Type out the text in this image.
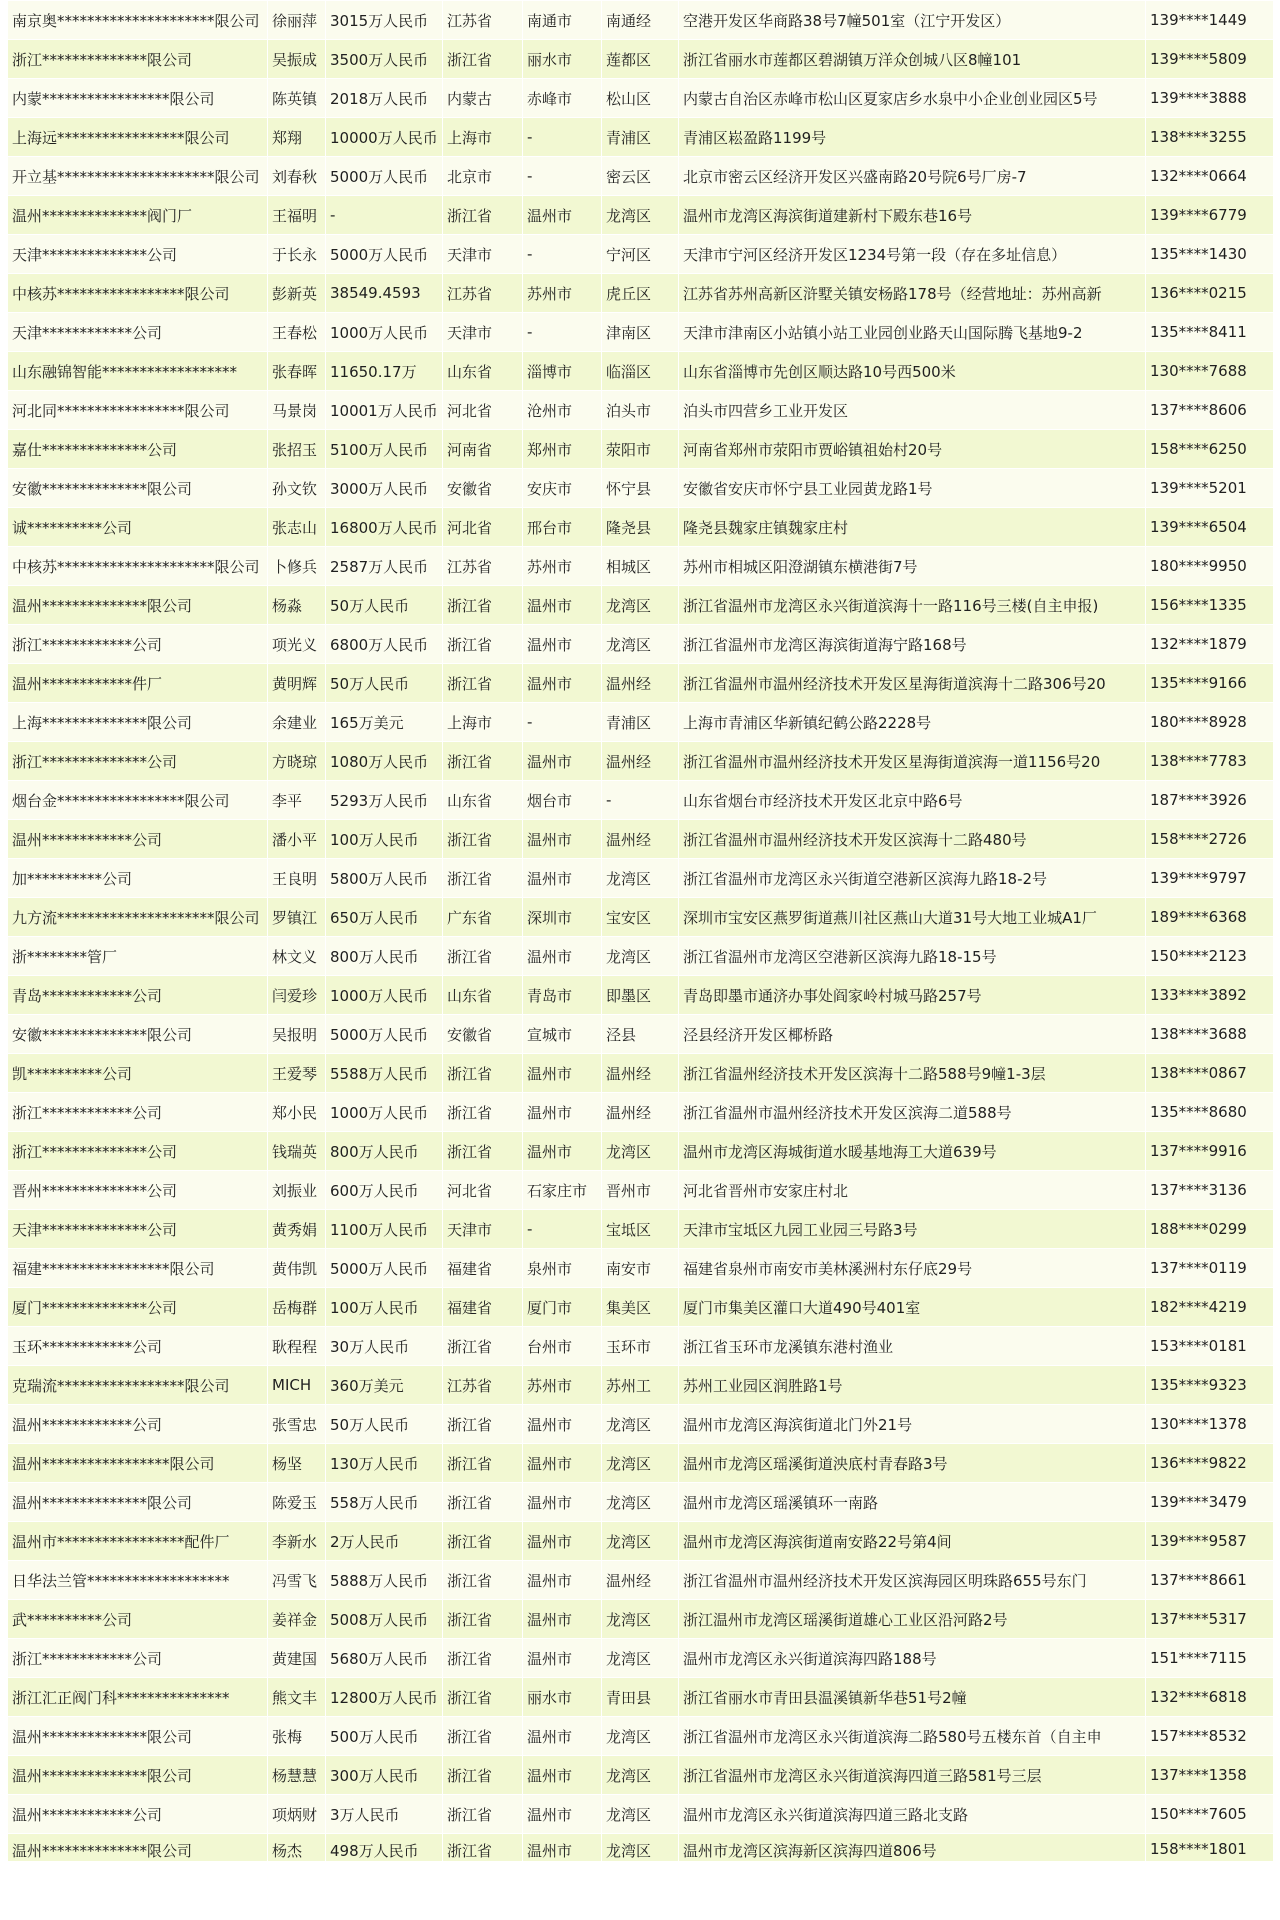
南京奥*********************限公司	徐丽萍	3015万人民币	江苏省	南通市	南通经	空港开发区华商路38号7幢501室（江宁开发区）	139****1449
浙江**************限公司	吴振成	3500万人民币	浙江省	丽水市	莲都区	浙江省丽水市莲都区碧湖镇万洋众创城八区8幢101	139****5809
内蒙*****************限公司	陈英镇	2018万人民币	内蒙古	赤峰市	松山区	内蒙古自治区赤峰市松山区夏家店乡水泉中小企业创业园区5号	139****3888
上海远*****************限公司	郑翔	10000万人民币	上海市	-	青浦区	青浦区崧盈路1199号	138****3255
开立基*********************限公司	刘春秋	5000万人民币	北京市	-	密云区	北京市密云区经济开发区兴盛南路20号院6号厂房-7	132****0664
温州**************阀门厂	王福明	-	浙江省	温州市	龙湾区	温州市龙湾区海滨街道建新村下殿东巷16号	139****6779
天津**************公司	于长永	5000万人民币	天津市	-	宁河区	天津市宁河区经济开发区1234号第一段（存在多址信息）	135****1430
中核苏*****************限公司	彭新英	38549.4593	江苏省	苏州市	虎丘区	江苏省苏州高新区浒墅关镇安杨路178号（经营地址：苏州高新	136****0215
天津************公司	王春松	1000万人民币	天津市	-	津南区	天津市津南区小站镇小站工业园创业路天山国际腾飞基地9-2	135****8411
山东融锦智能******************	张春晖	11650.17万	山东省	淄博市	临淄区	山东省淄博市先创区顺达路10号西500米	130****7688
河北同*****************限公司	马景岗	10001万人民币	河北省	沧州市	泊头市	泊头市四营乡工业开发区	137****8606
嘉仕**************公司	张招玉	5100万人民币	河南省	郑州市	荥阳市	河南省郑州市荥阳市贾峪镇祖始村20号	158****6250
安徽**************限公司	孙文钦	3000万人民币	安徽省	安庆市	怀宁县	安徽省安庆市怀宁县工业园黄龙路1号	139****5201
诚**********公司	张志山	16800万人民币	河北省	邢台市	隆尧县	隆尧县魏家庄镇魏家庄村	139****6504
中核苏*********************限公司	卜修兵	2587万人民币	江苏省	苏州市	相城区	苏州市相城区阳澄湖镇东横港街7号	180****9950
温州**************限公司	杨淼	50万人民币	浙江省	温州市	龙湾区	浙江省温州市龙湾区永兴街道滨海十一路116号三楼(自主申报)	156****1335
浙江************公司	项光义	6800万人民币	浙江省	温州市	龙湾区	浙江省温州市龙湾区海滨街道海宁路168号	132****1879
温州************件厂	黄明辉	50万人民币	浙江省	温州市	温州经	浙江省温州市温州经济技术开发区星海街道滨海十二路306号20	135****9166
上海**************限公司	余建业	165万美元	上海市	-	青浦区	上海市青浦区华新镇纪鹤公路2228号	180****8928
浙江**************公司	方晓琼	1080万人民币	浙江省	温州市	温州经	浙江省温州市温州经济技术开发区星海街道滨海一道1156号20	138****7783
烟台金*****************限公司	李平	5293万人民币	山东省	烟台市	-	山东省烟台市经济技术开发区北京中路6号	187****3926
温州************公司	潘小平	100万人民币	浙江省	温州市	温州经	浙江省温州市温州经济技术开发区滨海十二路480号	158****2726
加**********公司	王良明	5800万人民币	浙江省	温州市	龙湾区	浙江省温州市龙湾区永兴街道空港新区滨海九路18-2号	139****9797
九方流*********************限公司	罗镇江	650万人民币	广东省	深圳市	宝安区	深圳市宝安区燕罗街道燕川社区燕山大道31号大地工业城A1厂	189****6368
浙********管厂	林文义	800万人民币	浙江省	温州市	龙湾区	浙江省温州市龙湾区空港新区滨海九路18-15号	150****2123
青岛************公司	闫爱珍	1000万人民币	山东省	青岛市	即墨区	青岛即墨市通济办事处阎家岭村城马路257号	133****3892
安徽**************限公司	吴报明	5000万人民币	安徽省	宣城市	泾县	泾县经济开发区椰桥路	138****3688
凯**********公司	王爱琴	5588万人民币	浙江省	温州市	温州经	浙江省温州经济技术开发区滨海十二路588号9幢1-3层	138****0867
浙江************公司	郑小民	1000万人民币	浙江省	温州市	温州经	浙江省温州市温州经济技术开发区滨海二道588号	135****8680
浙江**************公司	钱瑞英	800万人民币	浙江省	温州市	龙湾区	温州市龙湾区海城街道水暖基地海工大道639号	137****9916
晋州**************公司	刘振业	600万人民币	河北省	石家庄市	晋州市	河北省晋州市安家庄村北	137****3136
天津**************公司	黄秀娟	1100万人民币	天津市	-	宝坻区	天津市宝坻区九园工业园三号路3号	188****0299
福建*****************限公司	黄伟凯	5000万人民币	福建省	泉州市	南安市	福建省泉州市南安市美林溪洲村东仔底29号	137****0119
厦门**************公司	岳梅群	100万人民币	福建省	厦门市	集美区	厦门市集美区灌口大道490号401室	182****4219
玉环************公司	耿程程	30万人民币	浙江省	台州市	玉环市	浙江省玉环市龙溪镇东港村渔业	153****0181
克瑞流*****************限公司	MICH	360万美元	江苏省	苏州市	苏州工	苏州工业园区润胜路1号	135****9323
温州************公司	张雪忠	50万人民币	浙江省	温州市	龙湾区	温州市龙湾区海滨街道北门外21号	130****1378
温州*****************限公司	杨坚	130万人民币	浙江省	温州市	龙湾区	温州市龙湾区瑶溪街道泱底村青春路3号	136****9822
温州**************限公司	陈爱玉	558万人民币	浙江省	温州市	龙湾区	温州市龙湾区瑶溪镇环一南路	139****3479
温州市*****************配件厂	李新水	2万人民币	浙江省	温州市	龙湾区	温州市龙湾区海滨街道南安路22号第4间	139****9587
日华法兰管*******************	冯雪飞	5888万人民币	浙江省	温州市	温州经	浙江省温州市温州经济技术开发区滨海园区明珠路655号东门	137****8661
武**********公司	姜祥金	5008万人民币	浙江省	温州市	龙湾区	浙江温州市龙湾区瑶溪街道雄心工业区沿河路2号	137****5317
浙江************公司	黄建国	5680万人民币	浙江省	温州市	龙湾区	温州市龙湾区永兴街道滨海四路188号	151****7115
浙江汇正阀门科***************	熊文丰	12800万人民币	浙江省	丽水市	青田县	浙江省丽水市青田县温溪镇新华巷51号2幢	132****6818
温州**************限公司	张梅	500万人民币	浙江省	温州市	龙湾区	浙江省温州市龙湾区永兴街道滨海二路580号五楼东首（自主申	157****8532
温州**************限公司	杨慧慧	300万人民币	浙江省	温州市	龙湾区	浙江省温州市龙湾区永兴街道滨海四道三路581号三层	137****1358
温州************公司	项炳财	3万人民币	浙江省	温州市	龙湾区	温州市龙湾区永兴街道滨海四道三路北支路	150****7605
温州**************限公司	杨杰	498万人民币	浙江省	温州市	龙湾区	温州市龙湾区滨海新区滨海四道806号	158****1801
